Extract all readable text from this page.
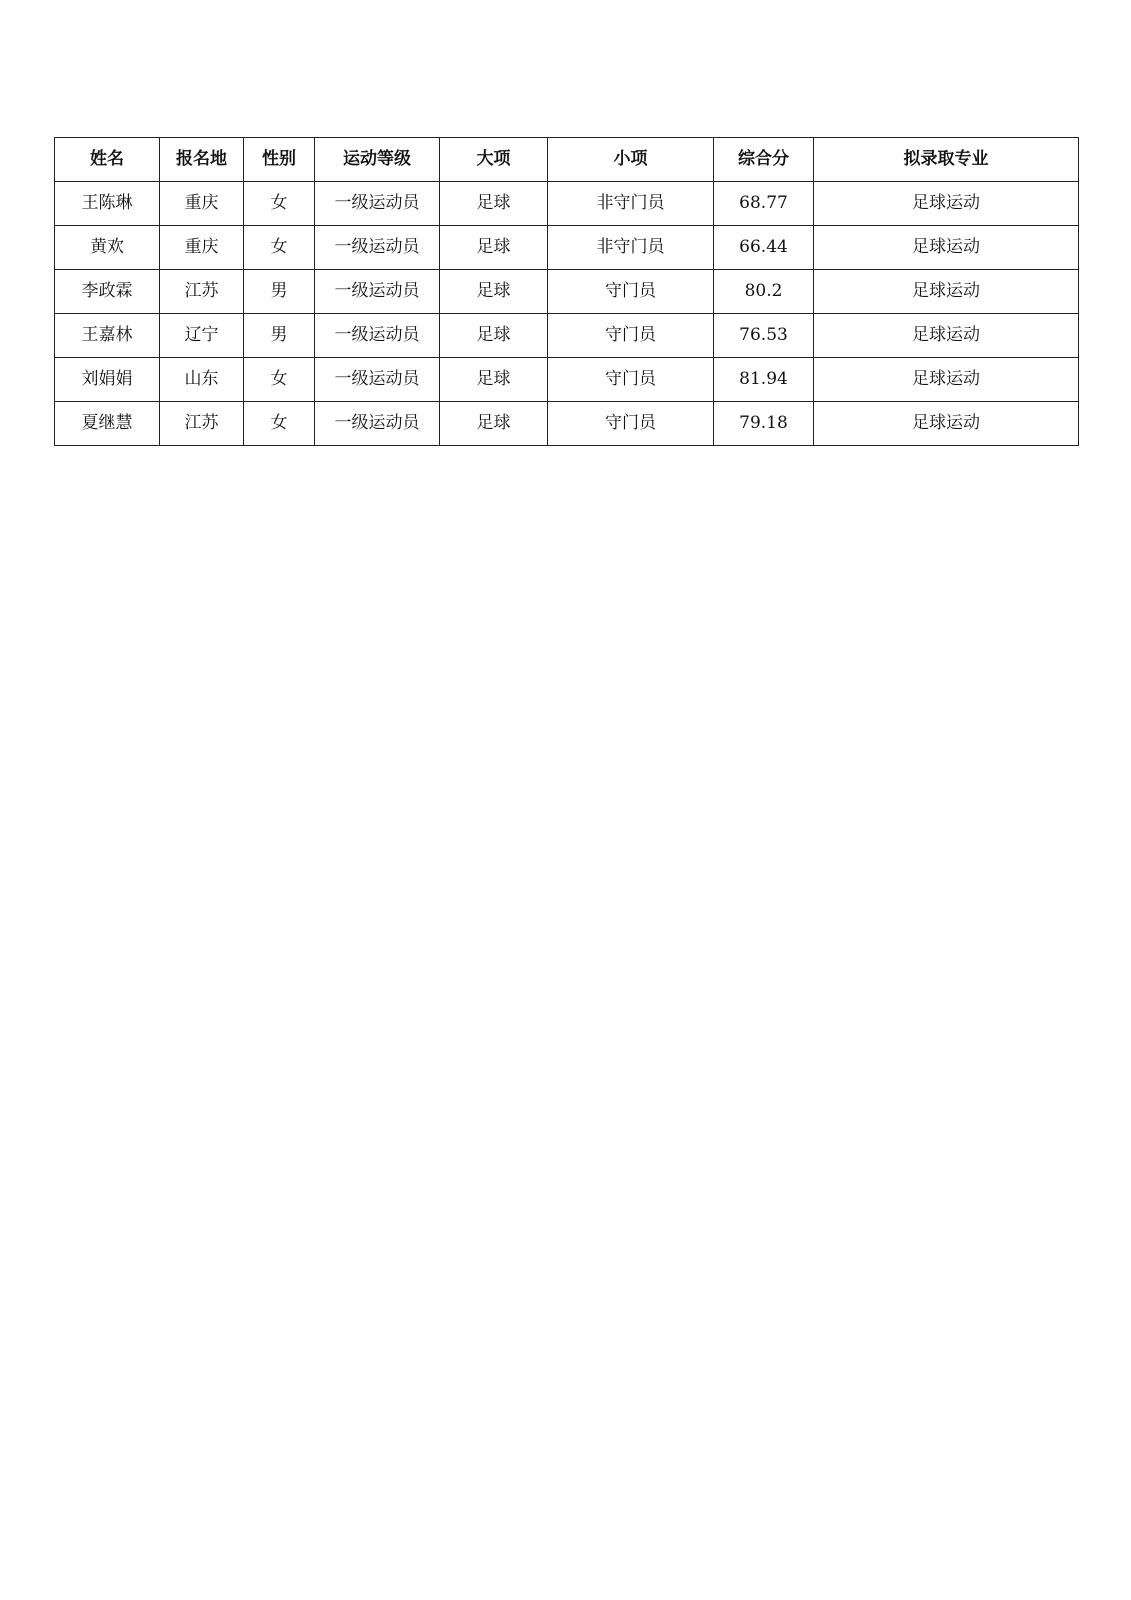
姓名	报名地	性别	运动等级	大项	小项	综合分	拟录取专业
王陈琳	重庆	女	一级运动员	足球	非守门员	68.77	足球运动
黄欢	重庆	女	一级运动员	足球	非守门员	66.44	足球运动
李政霖	江苏	男	一级运动员	足球	守门员	80.2	足球运动
王嘉林	辽宁	男	一级运动员	足球	守门员	76.53	足球运动
刘娟娟	山东	女	一级运动员	足球	守门员	81.94	足球运动
夏继慧	江苏	女	一级运动员	足球	守门员	79.18	足球运动
